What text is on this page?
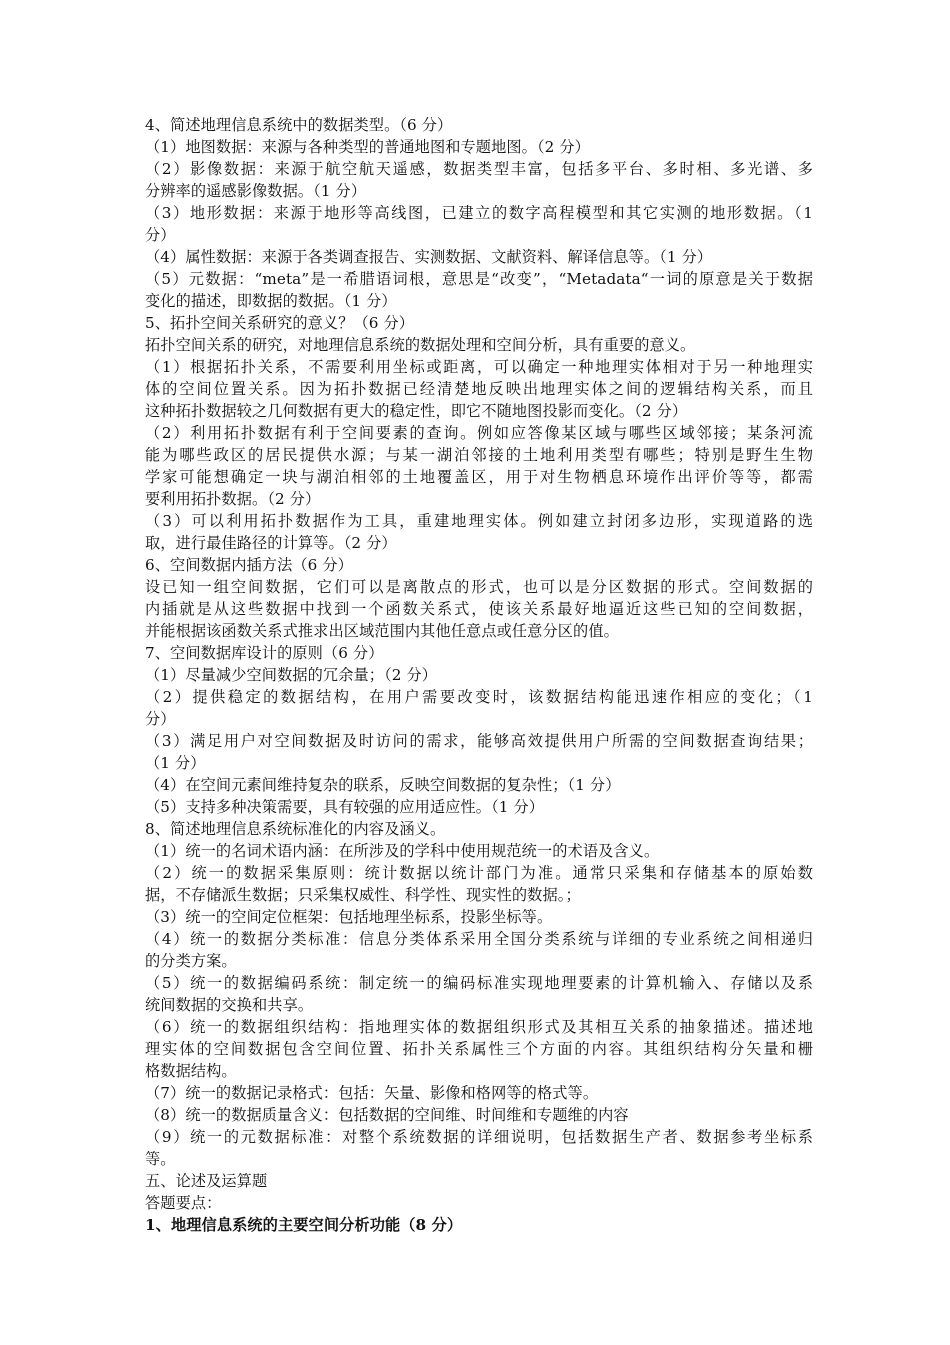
4、简述地理信息系统中的数据类型。（6 分）
（1）地图数据：来源与各种类型的普通地图和专题地图。（2 分）
（2）影像数据：来源于航空航天遥感，数据类型丰富，包括多平台、多时相、多光谱、多
分辨率的遥感影像数据。（1 分）
（3）地形数据：来源于地形等高线图，已建立的数字高程模型和其它实测的地形数据。（1
分）
（4）属性数据：来源于各类调查报告、实测数据、文献资料、解译信息等。（1 分）
（5）元数据：“meta”是一希腊语词根，意思是“改变”，“Metadata“一词的原意是关于数据
变化的描述，即数据的数据。（1 分）
5、拓扑空间关系研究的意义？（6 分）
拓扑空间关系的研究，对地理信息系统的数据处理和空间分析，具有重要的意义。
（1）根据拓扑关系，不需要利用坐标或距离，可以确定一种地理实体相对于另一种地理实
体的空间位置关系。因为拓扑数据已经清楚地反映出地理实体之间的逻辑结构关系，而且
这种拓扑数据较之几何数据有更大的稳定性，即它不随地图投影而变化。（2 分）
（2）利用拓扑数据有利于空间要素的查询。例如应答像某区域与哪些区域邻接；某条河流
能为哪些政区的居民提供水源；与某一湖泊邻接的土地利用类型有哪些；特别是野生生物
学家可能想确定一块与湖泊相邻的土地覆盖区，用于对生物栖息环境作出评价等等，都需
要利用拓扑数据。（2 分）
（3）可以利用拓扑数据作为工具，重建地理实体。例如建立封闭多边形，实现道路的选
取，进行最佳路径的计算等。（2 分）
6、空间数据内插方法（6 分）
设已知一组空间数据，它们可以是离散点的形式，也可以是分区数据的形式。空间数据的
内插就是从这些数据中找到一个函数关系式，使该关系最好地逼近这些已知的空间数据，
并能根据该函数关系式推求出区域范围内其他任意点或任意分区的值。
7、空间数据库设计的原则（6 分）
（1）尽量减少空间数据的冗余量；（2 分）
（2）提供稳定的数据结构，在用户需要改变时，该数据结构能迅速作相应的变化；（1
分）
（3）满足用户对空间数据及时访问的需求，能够高效提供用户所需的空间数据查询结果；
（1 分）
（4）在空间元素间维持复杂的联系，反映空间数据的复杂性；（1 分）
（5）支持多种决策需要，具有较强的应用适应性。（1 分）
8、简述地理信息系统标准化的内容及涵义。
（1）统一的名词术语内涵：在所涉及的学科中使用规范统一的术语及含义。
（2）统一的数据采集原则：统计数据以统计部门为准。通常只采集和存储基本的原始数
据，不存储派生数据；只采集权威性、科学性、现实性的数据。；
（3）统一的空间定位框架：包括地理坐标系，投影坐标等。
（4）统一的数据分类标准：信息分类体系采用全国分类系统与详细的专业系统之间相递归
的分类方案。
（5）统一的数据编码系统：制定统一的编码标准实现地理要素的计算机输入、存储以及系
统间数据的交换和共享。
（6）统一的数据组织结构：指地理实体的数据组织形式及其相互关系的抽象描述。描述地
理实体的空间数据包含空间位置、拓扑关系属性三个方面的内容。其组织结构分矢量和栅
格数据结构。
（7）统一的数据记录格式：包括：矢量、影像和格网等的格式等。
（8）统一的数据质量含义：包括数据的空间维、时间维和专题维的内容
（9）统一的元数据标准：对整个系统数据的详细说明，包括数据生产者、数据参考坐标系
等。
五、论述及运算题
答题要点：
1、地理信息系统的主要空间分析功能（8 分）
